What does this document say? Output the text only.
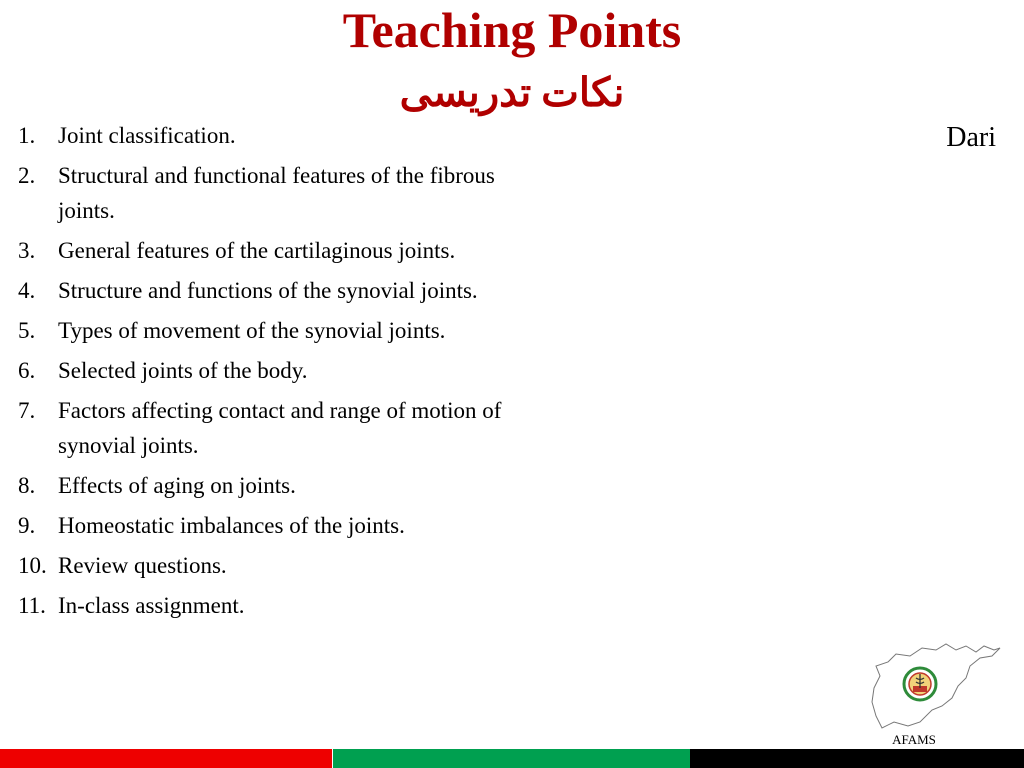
Teaching Points
نکات تدریسی
Dari
1. Joint classification.
2. Structural and functional features of the fibrous joints.
3. General features of the cartilaginous joints.
4. Structure and functions of the synovial joints.
5. Types of movement of the synovial joints.
6. Selected joints of the body.
7. Factors affecting contact and range of motion of synovial joints.
8. Effects of aging on joints.
9. Homeostatic imbalances of the joints.
10. Review questions.
11. In-class assignment.
AFAMS
